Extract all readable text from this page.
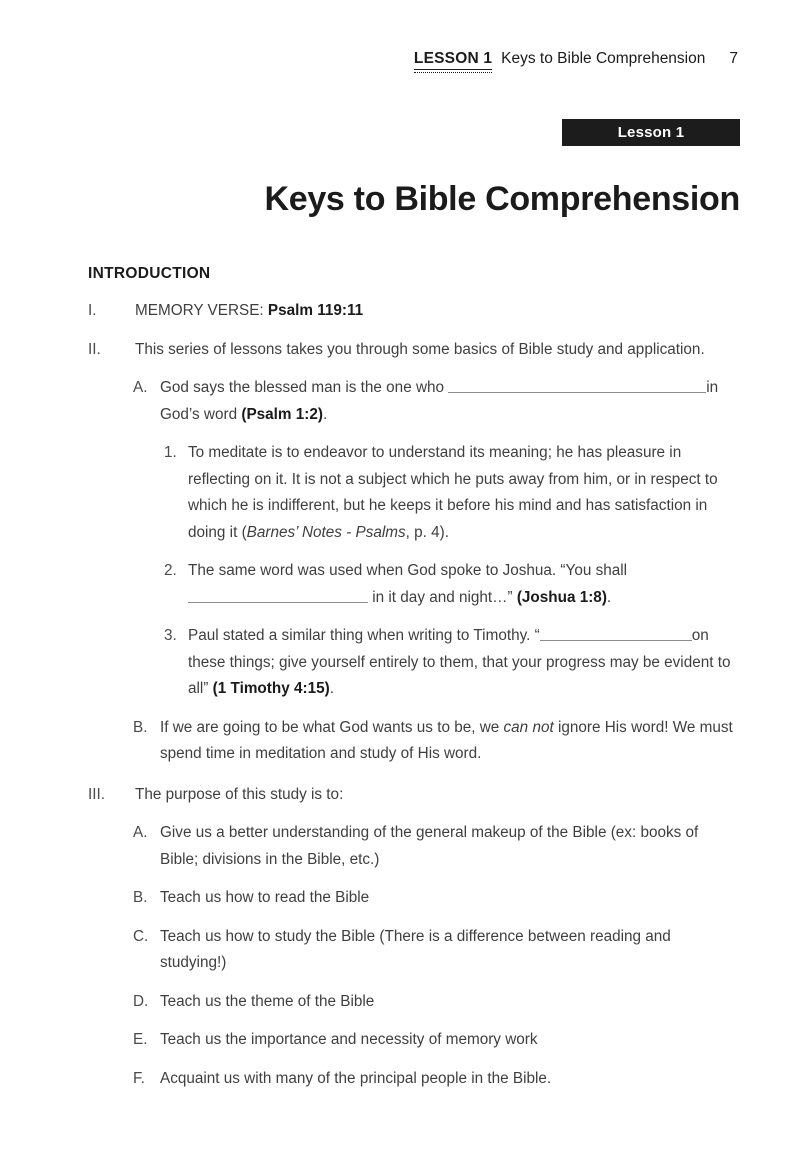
LESSON 1 Keys to Bible Comprehension 7
Lesson 1
Keys to Bible Comprehension
INTRODUCTION
I.	MEMORY VERSE: Psalm 119:11
II.	This series of lessons takes you through some basics of Bible study and application.
A. God says the blessed man is the one who	in God’s word (Psalm 1:2).
1. To meditate is to endeavor to understand its meaning; he has pleasure in reflecting on it. It is not a subject which he puts away from him, or in respect to which he is indifferent, but he keeps it before his mind and has satisfaction in doing it (Barnes’ Notes - Psalms, p. 4).
2. The same word was used when God spoke to Joshua. “You shall
in it day and night…” (Joshua 1:8).
3. Paul stated a similar thing when writing to Timothy. “	on these things; give yourself entirely to them, that your progress may be evident to all” (1 Timothy 4:15).
B. If we are going to be what God wants us to be, we can not ignore His word! We must spend time in meditation and study of His word.
III.	The purpose of this study is to:
A. Give us a better understanding of the general makeup of the Bible (ex: books of Bible; divisions in the Bible, etc.)
B. Teach us how to read the Bible
C. Teach us how to study the Bible (There is a difference between reading and studying!)
D. Teach us the theme of the Bible
E. Teach us the importance and necessity of memory work
F. Acquaint us with many of the principal people in the Bible.
